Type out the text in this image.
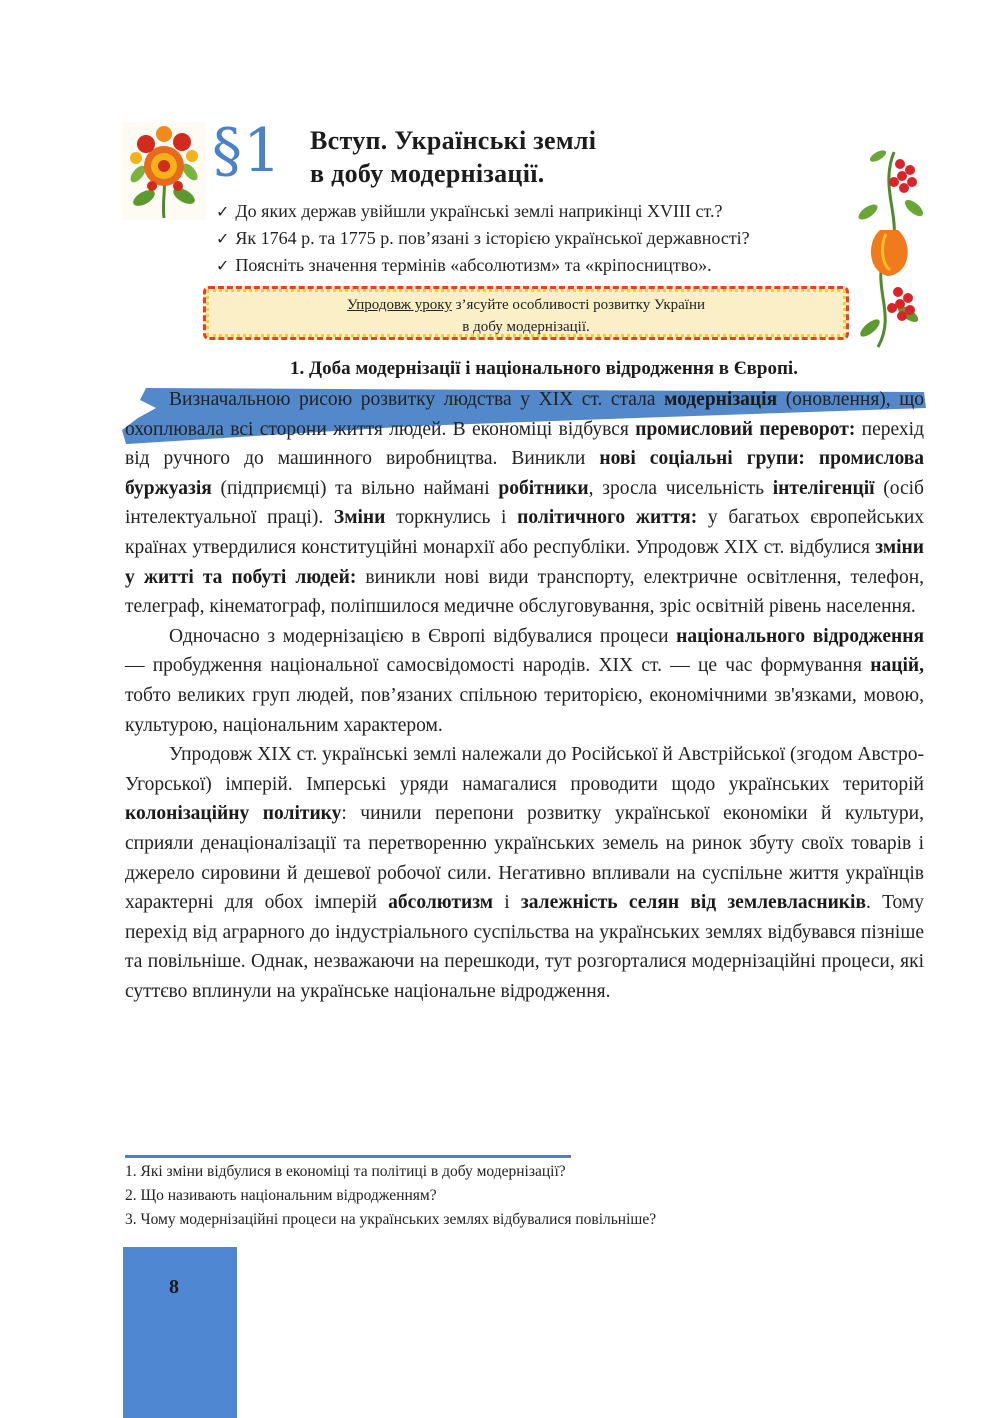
§1 Вступ. Українські землі
в добу модернізації.
✓ До яких держав увійшли українські землі наприкінці XVIII ст.?
✓ Як 1764 р. та 1775 р. пов’язані з історією української державності?
✓ Поясніть значення термінів «абсолютизм» та «кріпосництво».
Упродовж уроку з’ясуйте особливості розвитку України
в добу модернізації.
1. Доба модернізації і національного відродження в Європі.

Визначальною рисою розвитку людства у XIX ст. стала модернізація (оновлення), що охоплювала всі сторони життя людей. В економіці відбувся промисловий переворот: перехід від ручного до машинного виробництва. Виникли нові соціальні групи: промислова буржуазія (підприємці) та вільно наймані робітники, зросла чисельність інтелігенції (осіб інтелектуальної праці). Зміни торкнулись і політичного життя: у багатьох європейських країнах утвердилися конституційні монархії або республіки. Упродовж XIX ст. відбулися зміни у житті та побуті людей: виникли нові види транспорту, електричне освітлення, телефон, телеграф, кінематограф, поліпшилося медичне обслуговування, зріс освітній рівень населення.

Одночасно з модернізацією в Європі відбувалися процеси національного відродження — пробудження національної самосвідомості народів. XIX ст. — це час формування націй, тобто великих груп людей, пов’язаних спільною територією, економічними зв'язками, мовою, культурою, національним характером.

Упродовж XIX ст. українські землі належали до Російської й Австрійської (згодом Австро-Угорської) імперій. Імперські уряди намагалися проводити щодо українських територій колонізаційну політику: чинили перепони розвитку української економіки й культури, сприяли денаціоналізації та перетворенню українських земель на ринок збуту своїх товарів і джерело сировини й дешевої робочої сили. Негативно впливали на суспільне життя українців характерні для обох імперій абсолютизм і залежність селян від землевласників. Тому перехід від аграрного до індустріального суспільства на українських землях відбувався пізніше та повільніше. Однак, незважаючи на перешкоди, тут розгорталися модернізаційні процеси, які суттєво вплинули на українське національне відродження.

1. Які зміни відбулися в економіці та політиці в добу модернізації?
2. Що називають національним відродженням?
3. Чому модернізаційні процеси на українських землях відбувалися повільніше?
8
